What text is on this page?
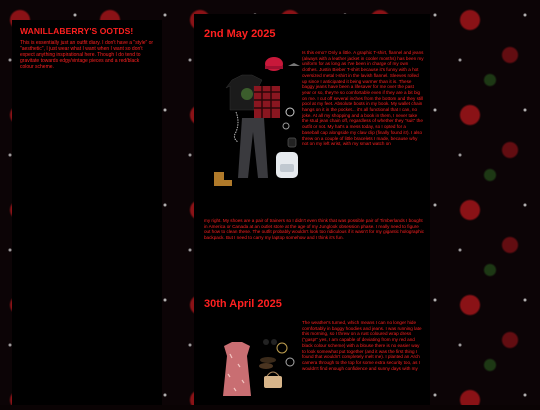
WANILLABERRY'S OOTDS!

This is essentially just an outfit diary. I don't have a "style" or "aesthetic", I just wear what I want when I want so don't expect anything inspirational here. Though I do tend to gravitate towards edgy/vintage pieces and a red/black colour scheme.

2nd May 2025

Is this emo? Only a little. A graphic T-shirt, flannel and jeans (always with a leather jacket in cooler months) has been my uniform for as long as I've been in charge of my own clothes. Justin Bieber T-shirt because it's funny with a hot oversized metal t-shirt in the lavish flannel. Sleeves rolled up since I anticipated it being warmer than it is. These baggy jeans have been a lifesaver for me over the past year or so, they're so comfortable even if they are a bit big on me. I cut off several inches from the bottom and they still pool at my feet. Absolute boots in my book. My wallet chain hangs on it in the pocket... it's all functional that I can, no joke. At all my shopping and a book in them, I never take the stud jean chain off, regardless of whether they "suit" the outfit or not. My hat's a mess today, so I opted for a baseball cap alongside my claw clip (finally found it!). I also threw on a couple of little bracelets I made, because why not on my left wrist, with my smart watch on

my right. My shoes are a pair of trainers so I didn't even think that was possible pair of Timberlands I bought in America or Canada at an outlet store at the age of my Junglook obsession phase. I really need to figure out how to clean these. The outfit probably wouldn't look too ridiculous if it wasn't for my gigantic holographic backpack. But I need to carry my laptop somehow and I think it's fun.

30th April 2025

The weather's turned, which means I can no longer hide comfortably in baggy hoodies and jeans. I was running late this morning, so I threw on a rust coloured wrap dress ("gasp!" yes, I am capable of deviating from my red and black colour scheme) with a blouse there is no easier way to look somewhat put together (and it was the first thing I found that wouldn't completely melt me). I planted an Arch camera through to the top for some extra security too, as I wouldn't find enough confidence and sunny days with my
